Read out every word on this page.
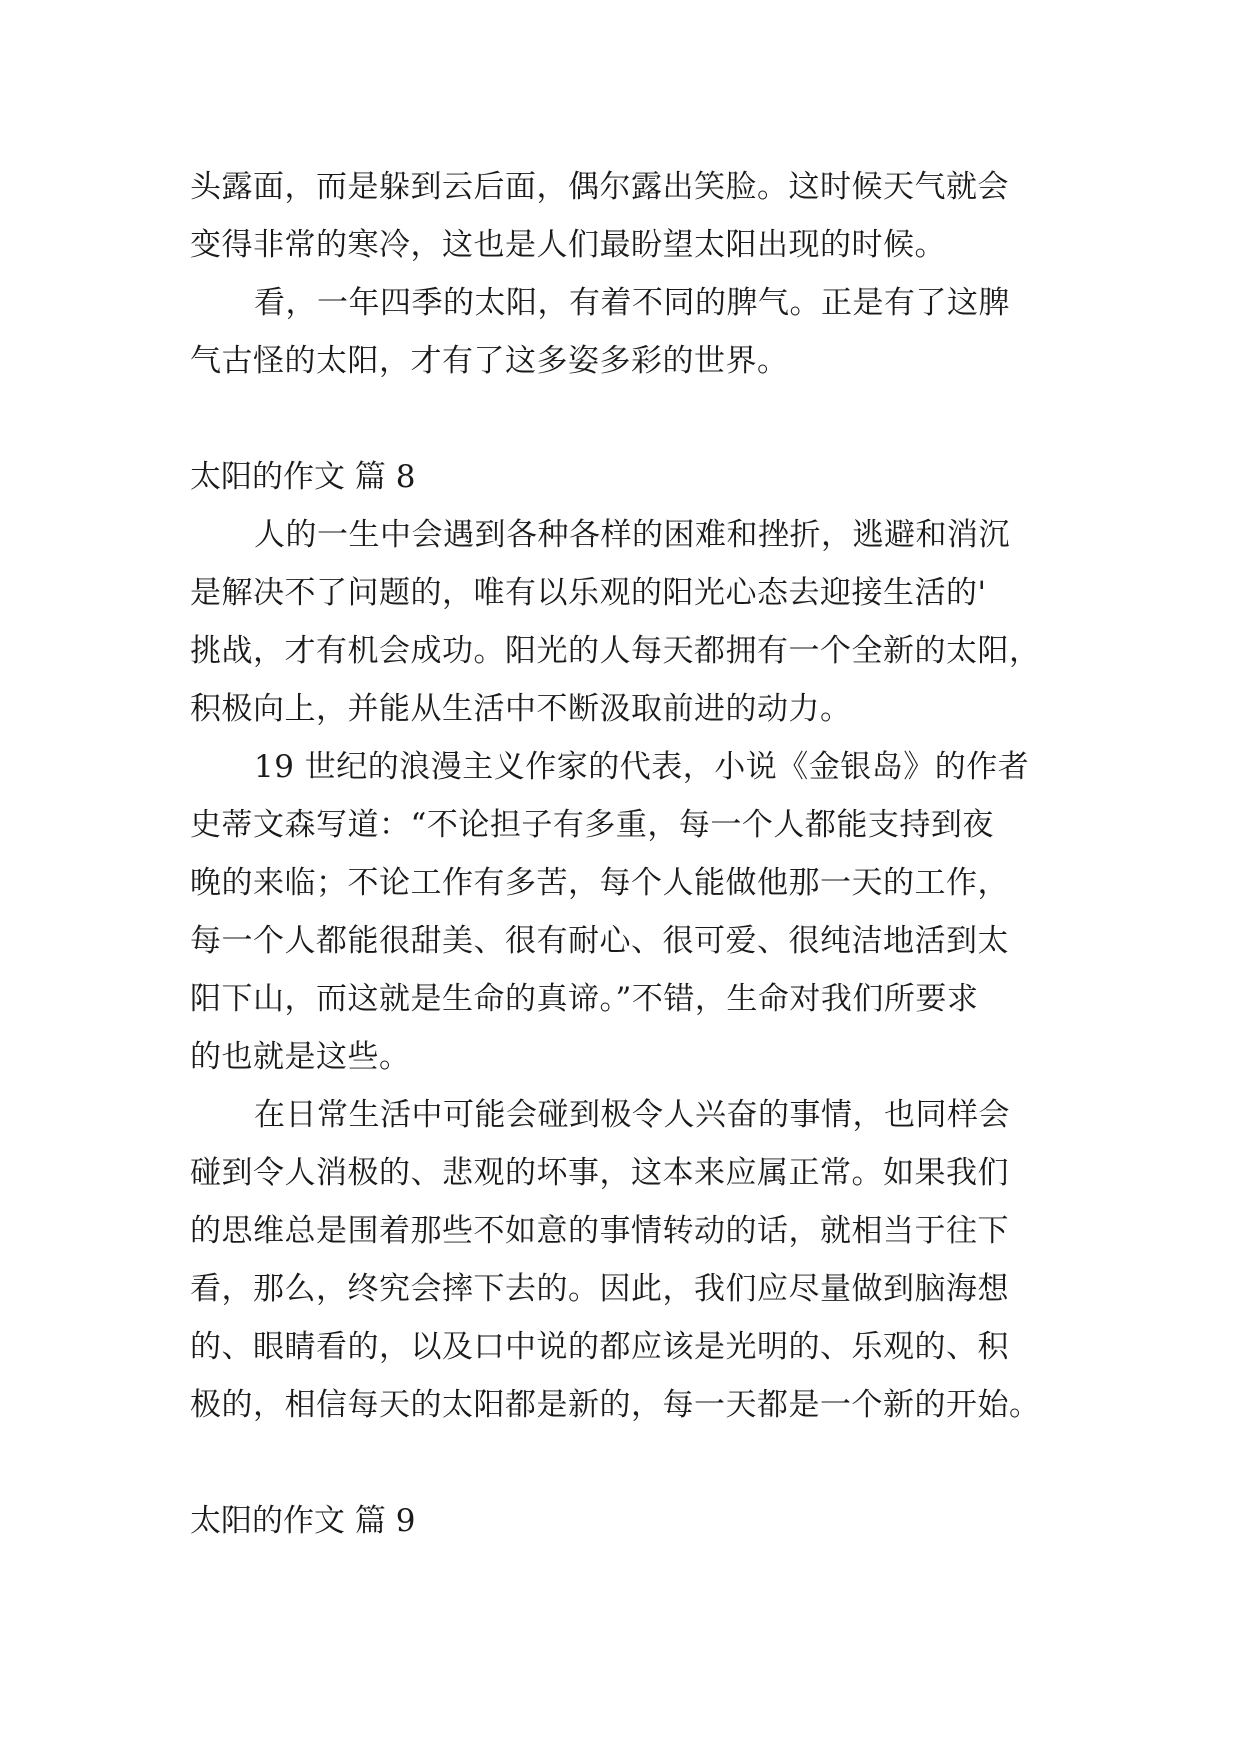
头露面，而是躲到云后面，偶尔露出笑脸。这时候天气就会
变得非常的寒冷，这也是人们最盼望太阳出现的时候。
看，一年四季的太阳，有着不同的脾气。正是有了这脾
气古怪的太阳，才有了这多姿多彩的世界。
太阳的作文 篇 8
人的一生中会遇到各种各样的困难和挫折，逃避和消沉
是解决不了问题的，唯有以乐观的阳光心态去迎接生活的'
挑战，才有机会成功。阳光的人每天都拥有一个全新的太阳，
积极向上，并能从生活中不断汲取前进的动力。
19 世纪的浪漫主义作家的代表，小说《金银岛》的作者
史蒂文森写道：“不论担子有多重，每一个人都能支持到夜
晚的来临；不论工作有多苦，每个人能做他那一天的工作，
每一个人都能很甜美、很有耐心、很可爱、很纯洁地活到太
阳下山，而这就是生命的真谛。”不错，生命对我们所要求
的也就是这些。
在日常生活中可能会碰到极令人兴奋的事情，也同样会
碰到令人消极的、悲观的坏事，这本来应属正常。如果我们
的思维总是围着那些不如意的事情转动的话，就相当于往下
看，那么，终究会摔下去的。因此，我们应尽量做到脑海想
的、眼睛看的，以及口中说的都应该是光明的、乐观的、积
极的，相信每天的太阳都是新的，每一天都是一个新的开始。
太阳的作文 篇 9
